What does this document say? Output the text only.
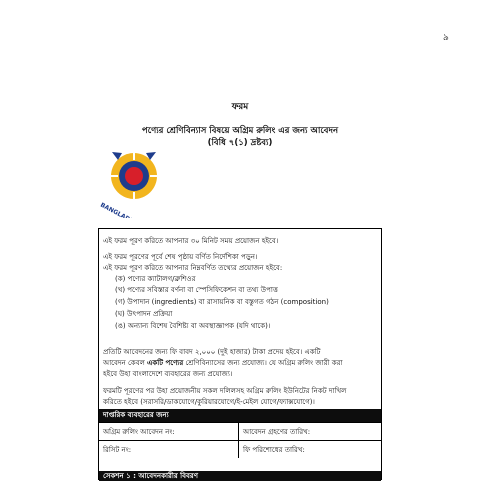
৯
ফরম
পণ্যের শ্রেণিবিন্যাস বিষয়ে অগ্রিম রুলিং এর জন্য আবেদন
(বিধি ৭(১) দ্রষ্টব্য)
এই ফরম পূরণ করিতে আপনার ৩০ মিনিট সময় প্রয়োজন হইবে।
এই ফরম পূরণের পূর্বে শেষ পৃষ্ঠায় বর্ণিত নির্দেশিকা পড়ুন।
এই ফরম পূরণ করিতে আপনার নিম্নবর্ণিত তথ্যের প্রয়োজন হইবে:
(ক) পণ্যের ক্যাটালগ/ব্রুশিওর
(খ) পণ্যের সবিস্তার বর্ণনা বা স্পেসিফিকেশন বা তথ্য উপাত্ত
(গ) উপাদান (ingredients) বা রাসায়নিক বা বস্তুগত গঠন (composition)
(ঘ) উৎপাদন প্রক্রিয়া
(ঙ) অন্যান্য বিশেষ বৈশিষ্ট্য বা অবস্থাজ্ঞাপক (যদি থাকে)।
প্রতিটি আবেদনের জন্য ফি বাবদ ২,০০০ (দুই হাজার) টাকা প্রদেয় হইবে। একটি
আবেদন কেবল একটি পণ্যের শ্রেণিবিন্যাসের জন্য প্রযোজ্য। যে অগ্রিম রুলিং জারী করা
হইবে উহা বাংলাদেশে ব্যবহারের জন্য প্রযোজ্য।
ফরমটি পূরণের পর উহা প্রয়োজনীয় সকল দলিলসহ অগ্রিম রুলিং ইউনিটের নিকট দাখিল
করিতে হইবে (সরাসরি/ডাকযোগে/কুরিয়ারযোগে/ই-মেইল যোগে/ফ্যাক্সযোগে)।
দাপ্তরিক ব্যবহারের জন্য
অগ্রিম রুলিং আবেদন নং:	আবেদন গ্রহণের তারিখ:
রিসিট নং:	ফি পরিশোধের তারিখ:
সেকশন ১ : আবেদনকারীর বিবরণ
